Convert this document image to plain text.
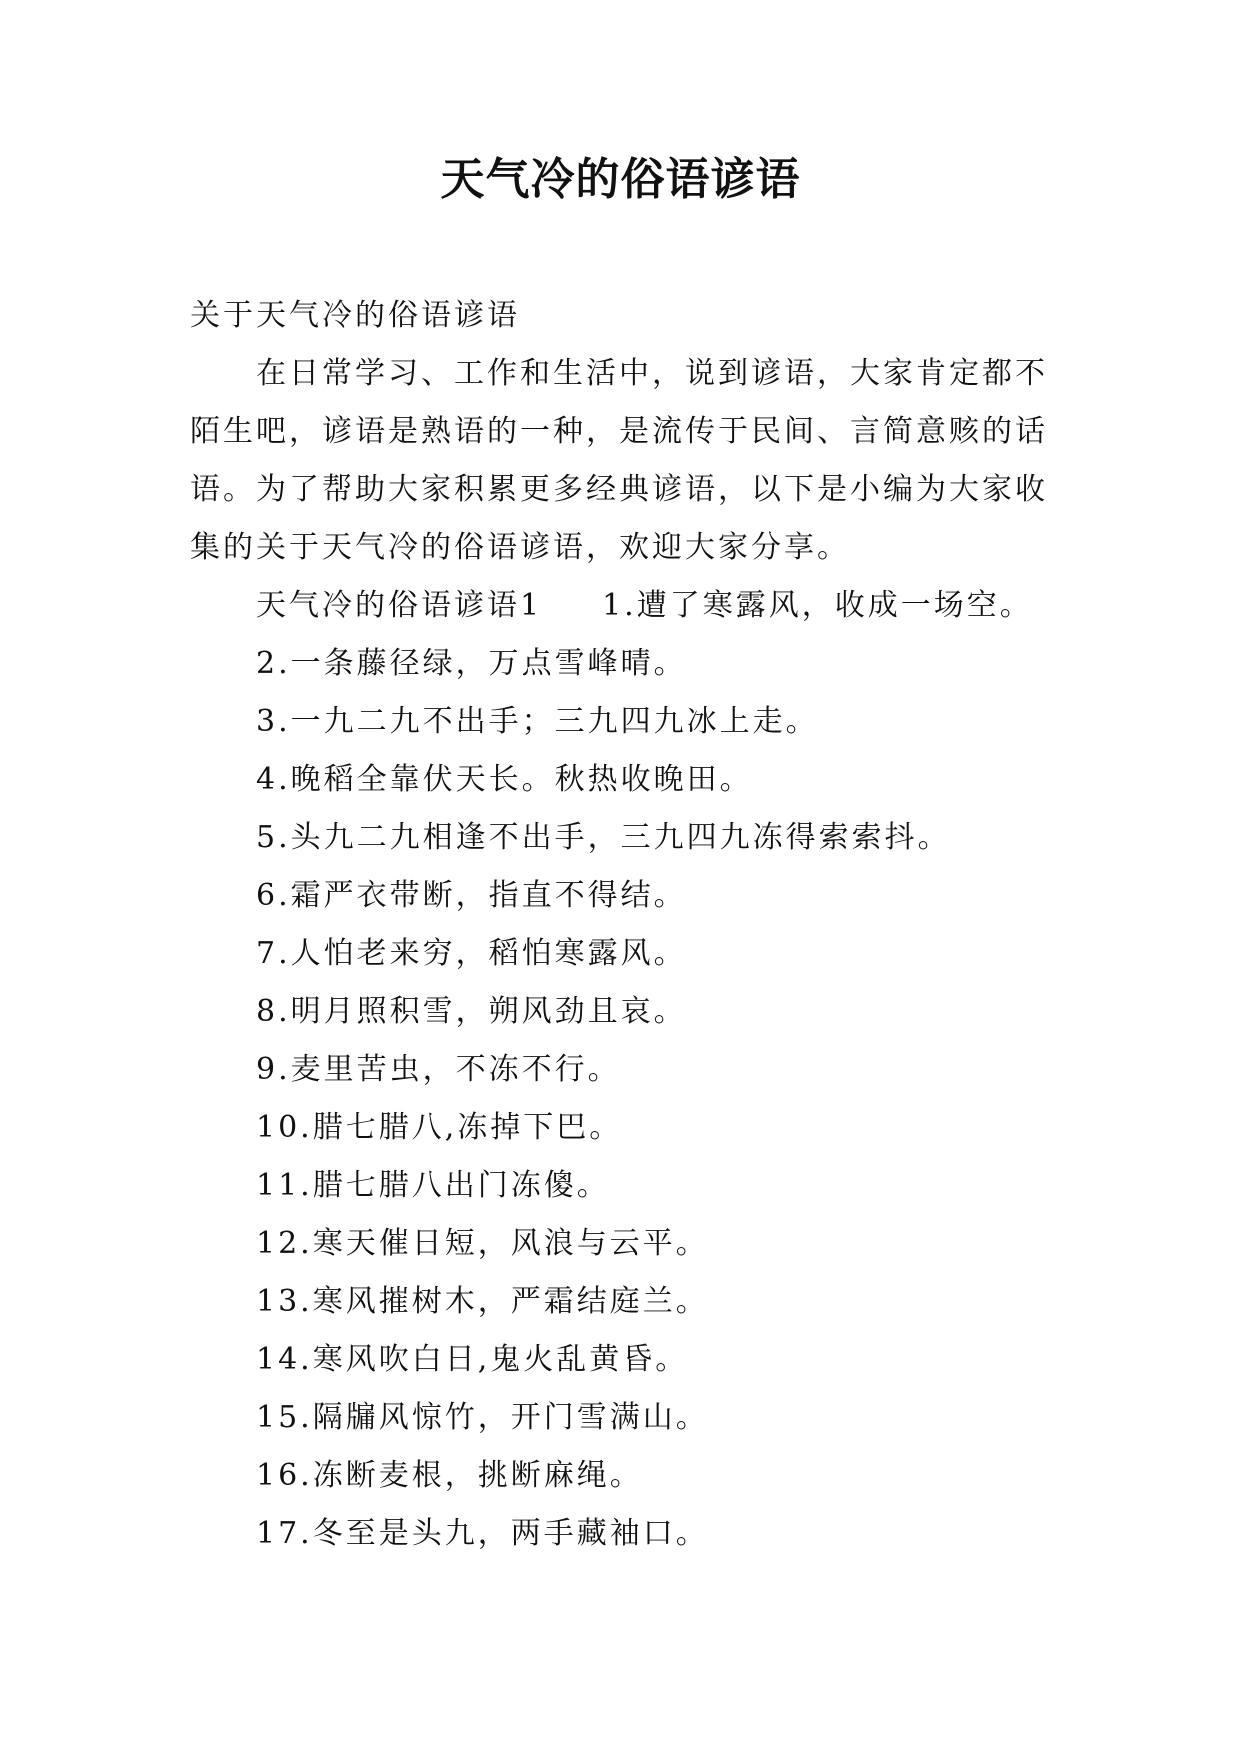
天气冷的俗语谚语
关于天气冷的俗语谚语
在日常学习、工作和生活中，说到谚语，大家肯定都不
陌生吧，谚语是熟语的一种，是流传于民间、言简意赅的话
语。为了帮助大家积累更多经典谚语，以下是小编为大家收
集的关于天气冷的俗语谚语，欢迎大家分享。
天气冷的俗语谚语1 1.遭了寒露风，收成一场空。
2.一条藤径绿，万点雪峰晴。
3.一九二九不出手；三九四九冰上走。
4.晚稻全靠伏天长。秋热收晚田。
5.头九二九相逢不出手，三九四九冻得索索抖。
6.霜严衣带断，指直不得结。
7.人怕老来穷，稻怕寒露风。
8.明月照积雪，朔风劲且哀。
9.麦里苦虫，不冻不行。
10.腊七腊八,冻掉下巴。
11.腊七腊八出门冻傻。
12.寒天催日短，风浪与云平。
13.寒风摧树木，严霜结庭兰。
14.寒风吹白日,鬼火乱黄昏。
15.隔牖风惊竹，开门雪满山。
16.冻断麦根，挑断麻绳。
17.冬至是头九，两手藏袖口。
